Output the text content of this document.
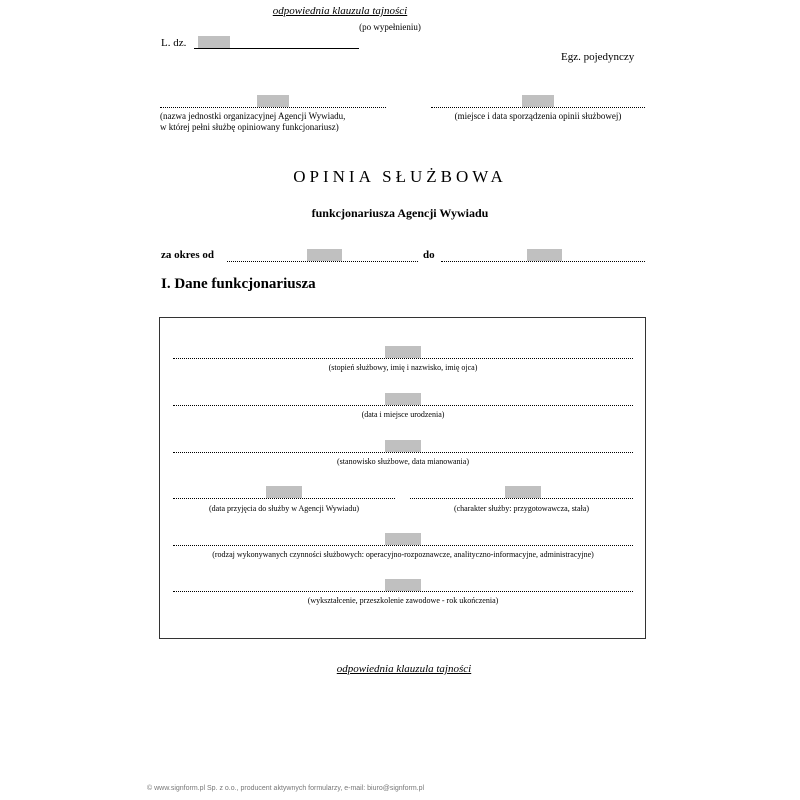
odpowiednia klauzula tajności
(po wypełnieniu)
L. dz.
Egz. pojedynczy
(nazwa jednostki organizacyjnej Agencji Wywiadu,
w której pełni służbę opiniowany funkcjonariusz)
(miejsce i data sporządzenia opinii służbowej)
OPINIA SŁUŻBOWA
funkcjonariusza Agencji Wywiadu
za okres od	do
I. Dane funkcjonariusza
(stopień służbowy, imię i nazwisko, imię ojca)
(data i miejsce urodzenia)
(stanowisko służbowe, data mianowania)
(data przyjęcia do służby w Agencji Wywiadu)	(charakter służby: przygotowawcza, stała)
(rodzaj wykonywanych czynności służbowych: operacyjno-rozpoznawcze, analityczno-informacyjne, administracyjne)
(wykształcenie, przeszkolenie zawodowe - rok ukończenia)
odpowiednia klauzula tajności
© www.signform.pl Sp. z o.o., producent aktywnych formularzy, e-mail: biuro@signform.pl
